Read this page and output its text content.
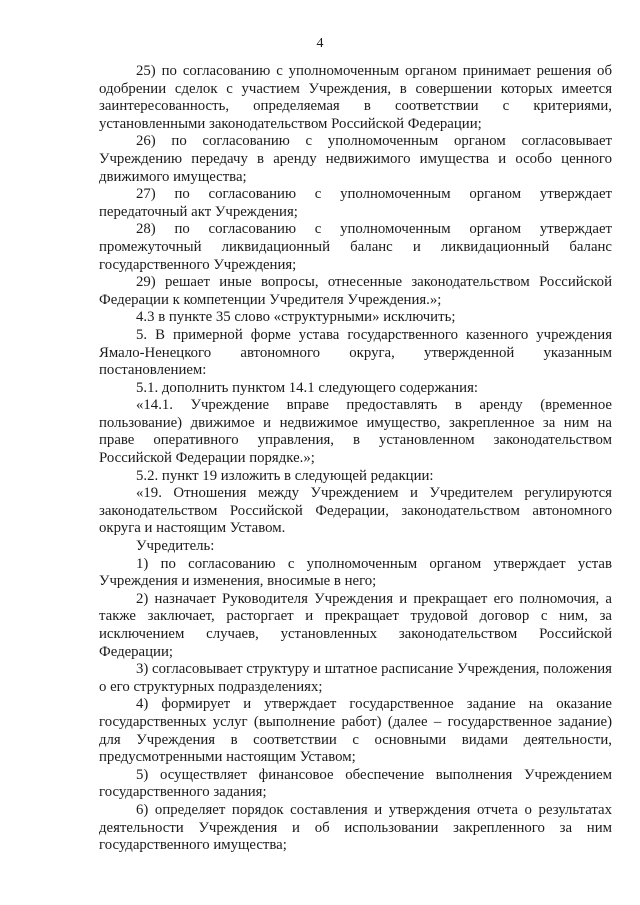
4

25) по согласованию с уполномоченным органом принимает решения об одобрении сделок с участием Учреждения, в совершении которых имеется заинтересованность, определяемая в соответствии с критериями, установленными законодательством Российской Федерации;

26) по согласованию с уполномоченным органом согласовывает Учреждению передачу в аренду недвижимого имущества и особо ценного движимого имущества;

27) по согласованию с уполномоченным органом утверждает передаточный акт Учреждения;

28) по согласованию с уполномоченным органом утверждает промежуточный ликвидационный баланс и ликвидационный баланс государственного Учреждения;

29) решает иные вопросы, отнесенные законодательством Российской Федерации к компетенции Учредителя Учреждения.»;

4.3 в пункте 35 слово «структурными» исключить;

5. В примерной форме устава государственного казенного учреждения Ямало-Ненецкого автономного округа, утвержденной указанным постановлением:

5.1. дополнить пунктом 14.1 следующего содержания:

«14.1. Учреждение вправе предоставлять в аренду (временное пользование) движимое и недвижимое имущество, закрепленное за ним на праве оперативного управления, в установленном законодательством Российской Федерации порядке.»;

5.2. пункт 19 изложить в следующей редакции:

«19. Отношения между Учреждением и Учредителем регулируются законодательством Российской Федерации, законодательством автономного округа и настоящим Уставом.

Учредитель:

1) по согласованию с уполномоченным органом утверждает устав Учреждения и изменения, вносимые в него;

2) назначает Руководителя Учреждения и прекращает его полномочия, а также заключает, расторгает и прекращает трудовой договор с ним, за исключением случаев, установленных законодательством Российской Федерации;

3) согласовывает структуру и штатное расписание Учреждения, положения о его структурных подразделениях;

4) формирует и утверждает государственное задание на оказание государственных услуг (выполнение работ) (далее – государственное задание) для Учреждения в соответствии с основными видами деятельности, предусмотренными настоящим Уставом;

5) осуществляет финансовое обеспечение выполнения Учреждением государственного задания;

6) определяет порядок составления и утверждения отчета о результатах деятельности Учреждения и об использовании закрепленного за ним государственного имущества;
